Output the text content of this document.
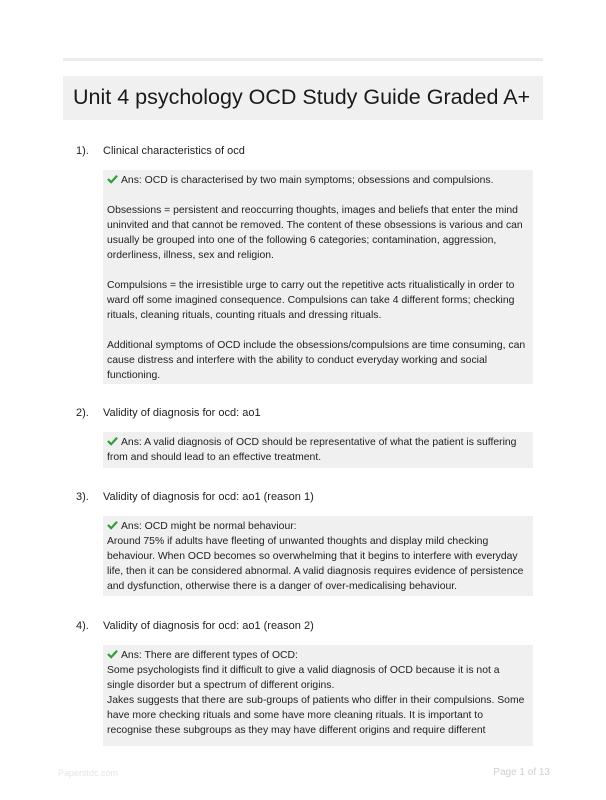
Unit 4 psychology OCD Study Guide Graded A+
1). Clinical characteristics of ocd

Ans: OCD is characterised by two main symptoms; obsessions and compulsions.

Obsessions = persistent and reoccurring thoughts, images and beliefs that enter the mind uninvited and that cannot be removed. The content of these obsessions is various and can usually be grouped into one of the following 6 categories; contamination, aggression, orderliness, illness, sex and religion.

Compulsions = the irresistible urge to carry out the repetitive acts ritualistically in order to ward off some imagined consequence. Compulsions can take 4 different forms; checking rituals, cleaning rituals, counting rituals and dressing rituals.

Additional symptoms of OCD include the obsessions/compulsions are time consuming, can cause distress and interfere with the ability to conduct everyday working and social functioning.

2). Validity of diagnosis for ocd: ao1

Ans: A valid diagnosis of OCD should be representative of what the patient is suffering from and should lead to an effective treatment.

3). Validity of diagnosis for ocd: ao1 (reason 1)
Ans: OCD might be normal behaviour:
Around 75% if adults have fleeting of unwanted thoughts and display mild checking behaviour. When OCD becomes so overwhelming that it begins to interfere with everyday life, then it can be considered abnormal. A valid diagnosis requires evidence of persistence and dysfunction, otherwise there is a danger of over-medicalising behaviour.
4). Validity of diagnosis for ocd: ao1 (reason 2)
Ans: There are different types of OCD:
Some psychologists find it difficult to give a valid diagnosis of OCD because it is not a single disorder but a spectrum of different origins.
Jakes suggests that there are sub-groups of patients who differ in their compulsions. Some have more checking rituals and some have more cleaning rituals. It is important to recognise these subgroups as they may have different origins and require different
Paperstdc.com	Page 1 of 13
